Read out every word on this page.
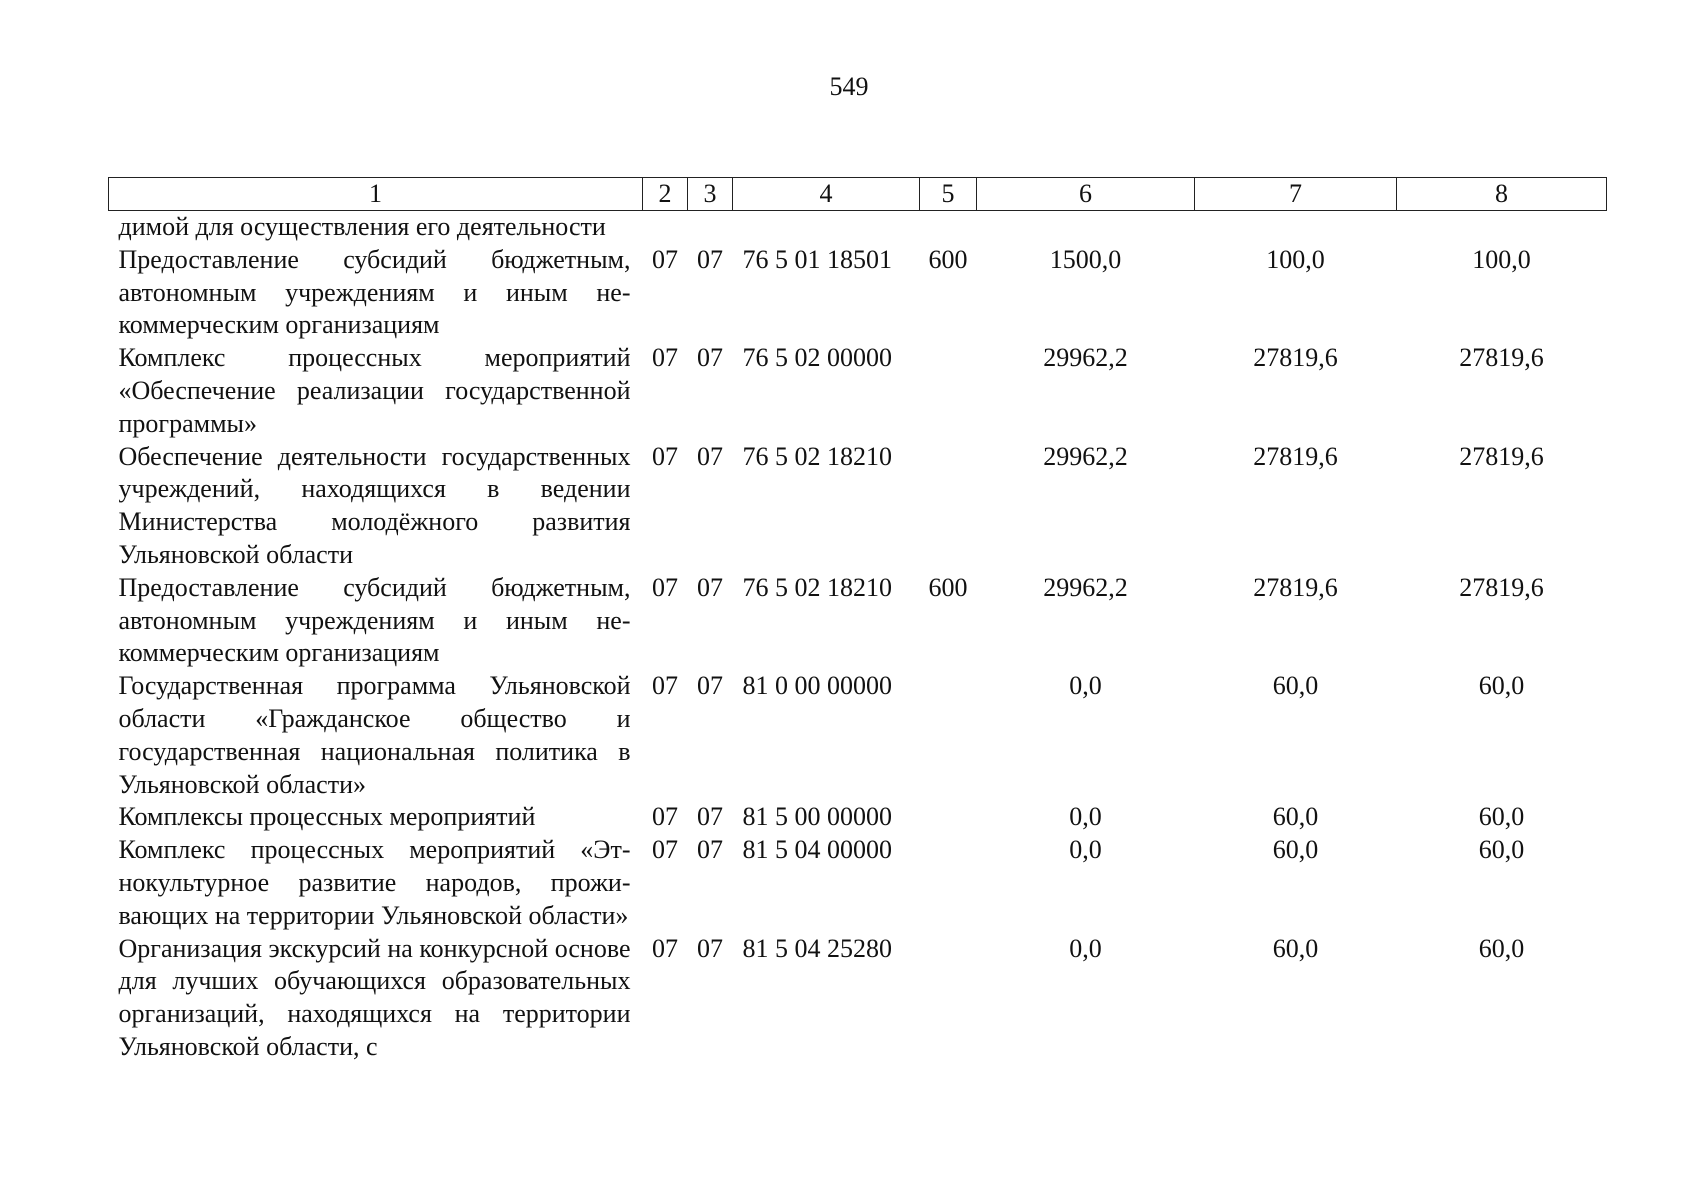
549
1	2	3	4	5	6	7	8
димой для осуществления его деятельности							
Предоставление субсидий бюджетным, автономным учреждениям и иным некоммерческим организациям	07	07	76 5 01 18501	600	1500,0	100,0	100,0
Комплекс процессных мероприятий «Обеспечение реализации государственной программы»	07	07	76 5 02 00000		29962,2	27819,6	27819,6
Обеспечение деятельности государственных учреждений, находящихся в ведении Министерства молодёжного развития Ульяновской области	07	07	76 5 02 18210		29962,2	27819,6	27819,6
Предоставление субсидий бюджетным, автономным учреждениям и иным некоммерческим организациям	07	07	76 5 02 18210	600	29962,2	27819,6	27819,6
Государственная программа Ульяновской области «Гражданское общество и государственная национальная политика в Ульяновской области»	07	07	81 0 00 00000		0,0	60,0	60,0
Комплексы процессных мероприятий	07	07	81 5 00 00000		0,0	60,0	60,0
Комплекс процессных мероприятий «Этнокультурное развитие народов, проживающих на территории Ульяновской области»	07	07	81 5 04 00000		0,0	60,0	60,0
Организация экскурсий на конкурсной основе для лучших обучающихся образовательных организаций, находящихся на территории Ульяновской области, с	07	07	81 5 04 25280		0,0	60,0	60,0
